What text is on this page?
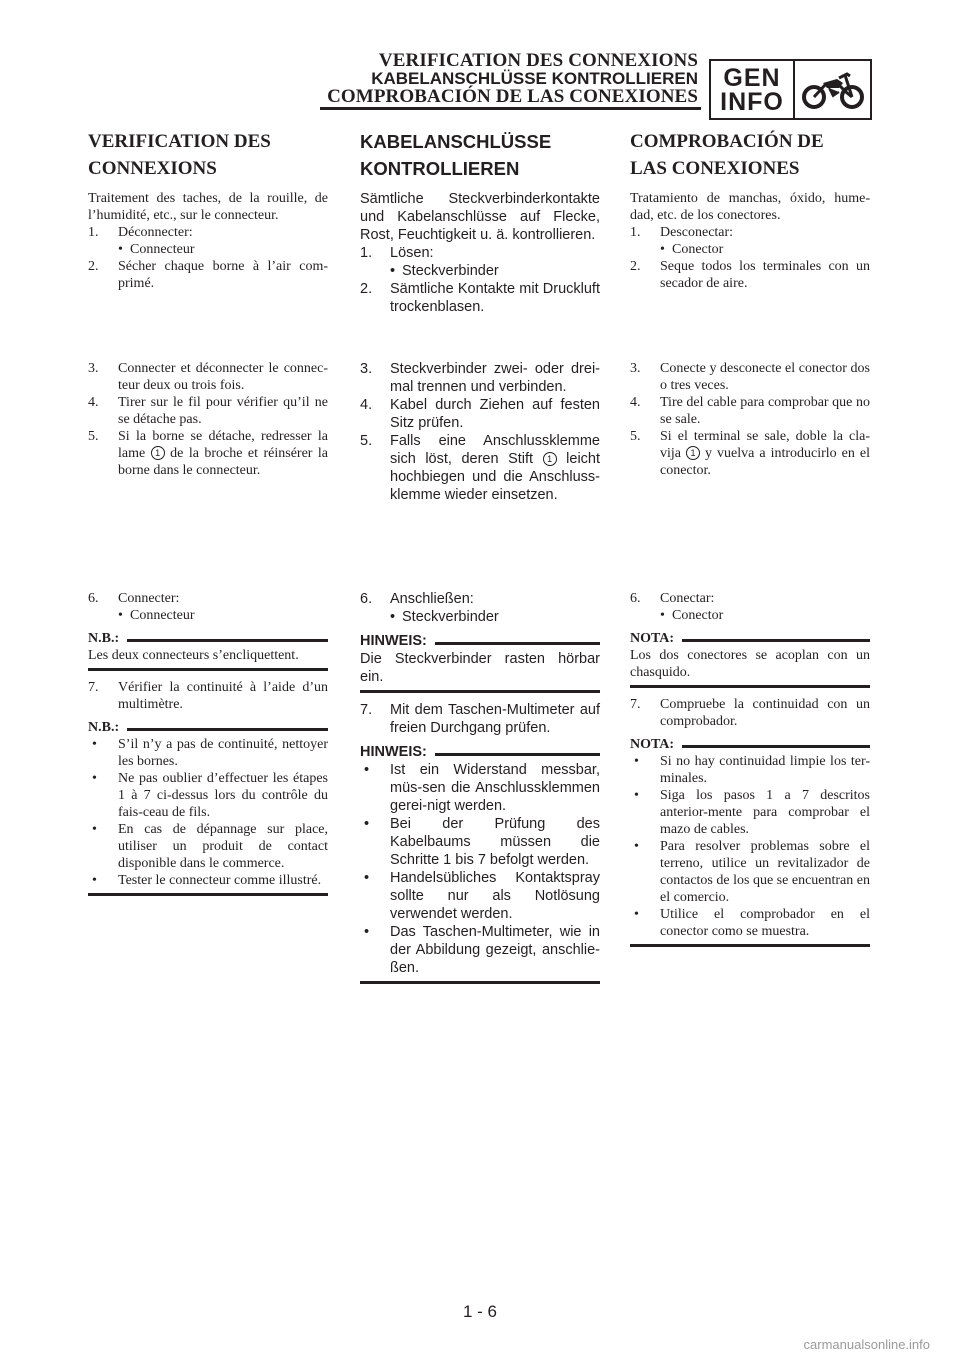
VERIFICATION DES CONNEXIONS
KABELANSCHLÜSSE KONTROLLIEREN
COMPROBACIÓN DE LAS CONEXIONES
GEN
INFO
VERIFICATION DES
CONNEXIONS

Traitement des taches, de la rouille, de l’humidité, etc., sur le connecteur.

1.	Déconnecter:
• Connecteur
2.	Sécher chaque borne à l’air com-primé.
3.	Connecter et déconnecter le connec-teur deux ou trois fois.
4.	Tirer sur le fil pour vérifier qu’il ne se détache pas.
5.	Si la borne se détache, redresser la lame 1 de la broche et réinsérer la borne dans le connecteur.
6.	Connecter:
• Connecteur
N.B.:

Les deux connecteurs s’encliquettent.

7.	Vérifier la continuité à l’aide d’un multimètre.
N.B.:
•	S’il n’y a pas de continuité, nettoyer les bornes.
•	Ne pas oublier d’effectuer les étapes 1 à 7 ci-dessus lors du contrôle du fais-ceau de fils.
•	En cas de dépannage sur place, utiliser un produit de contact disponible dans le commerce.
•	Tester le connecteur comme illustré.
KABELANSCHLÜSSE
KONTROLLIEREN

Sämtliche Steckverbinderkontakte und Kabelanschlüsse auf Flecke, Rost, Feuchtigkeit u. ä. kontrollieren.

1.	Lösen:
• Steckverbinder
2.	Sämtliche Kontakte mit Druckluft trockenblasen.
3.	Steckverbinder zwei- oder drei-mal trennen und verbinden.
4.	Kabel durch Ziehen auf festen Sitz prüfen.
5.	Falls eine Anschlussklemme sich löst, deren Stift 1 leicht hochbiegen und die Anschluss-klemme wieder einsetzen.
6.	Anschließen:
• Steckverbinder
HINWEIS:

Die Steckverbinder rasten hörbar ein.

7.	Mit dem Taschen-Multimeter auf freien Durchgang prüfen.
HINWEIS:
•	Ist ein Widerstand messbar, müs-sen die Anschlussklemmen gerei-nigt werden.
•	Bei der Prüfung des Kabelbaums müssen die Schritte 1 bis 7 befolgt werden.
•	Handelsübliches Kontaktspray sollte nur als Notlösung verwendet werden.
•	Das Taschen-Multimeter, wie in der Abbildung gezeigt, anschlie-ßen.
COMPROBACIÓN DE
LAS CONEXIONES

Tratamiento de manchas, óxido, hume-dad, etc. de los conectores.

1.	Desconectar:
• Conector
2.	Seque todos los terminales con un secador de aire.
3.	Conecte y desconecte el conector dos o tres veces.
4.	Tire del cable para comprobar que no se sale.
5.	Si el terminal se sale, doble la cla-vija 1 y vuelva a introducirlo en el conector.
6.	Conectar:
• Conector
NOTA:

Los dos conectores se acoplan con un chasquido.

7.	Compruebe la continuidad con un comprobador.
NOTA:
•	Si no hay continuidad limpie los ter-minales.
•	Siga los pasos 1 a 7 descritos anterior-mente para comprobar el mazo de cables.
•	Para resolver problemas sobre el terreno, utilice un revitalizador de contactos de los que se encuentran en el comercio.
•	Utilice el comprobador en el conector como se muestra.
1 - 6
carmanualsonline.info
